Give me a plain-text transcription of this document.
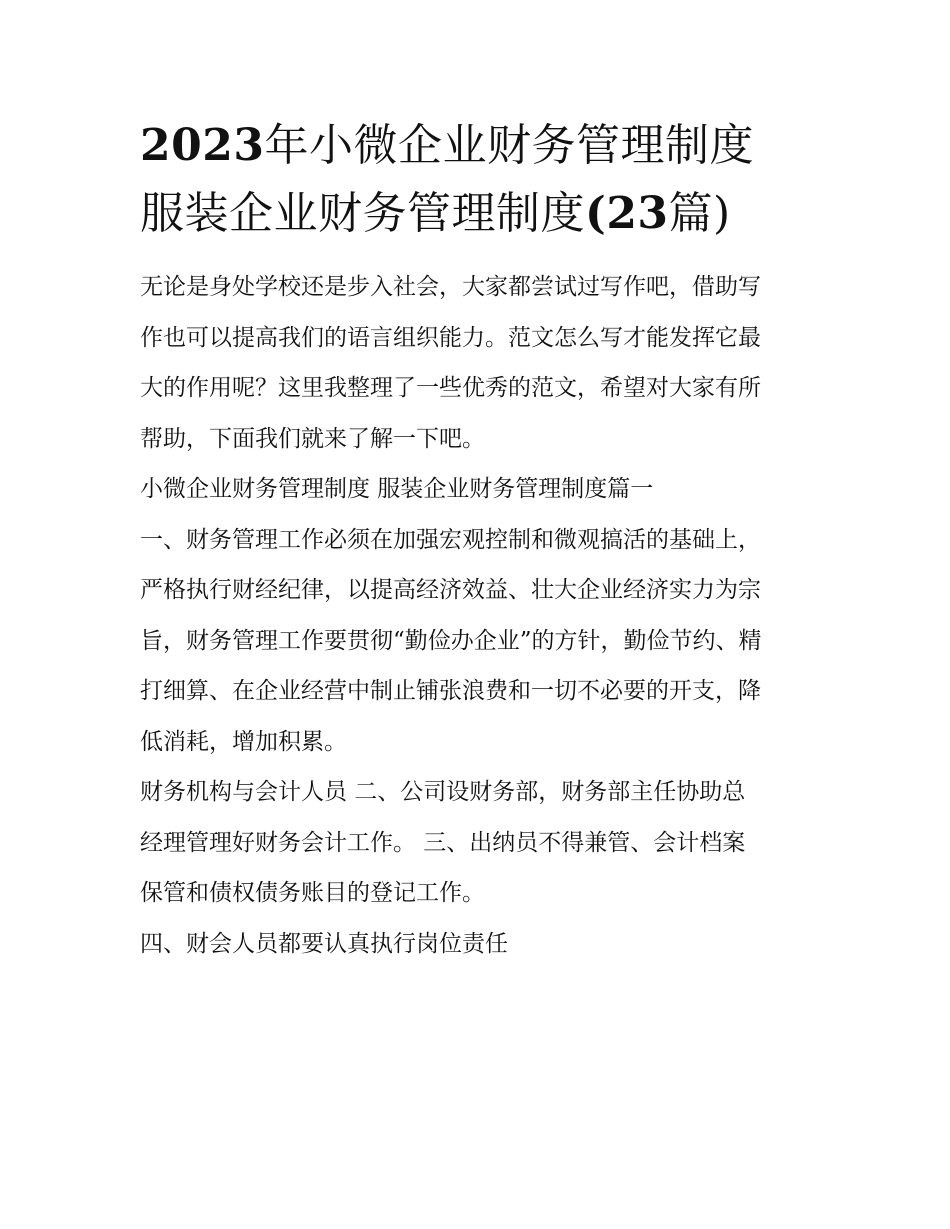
2023年小微企业财务管理制度
服装企业财务管理制度(23篇)
无论是身处学校还是步入社会，大家都尝试过写作吧，借助写
作也可以提高我们的语言组织能力。范文怎么写才能发挥它最
大的作用呢？这里我整理了一些优秀的范文，希望对大家有所
帮助，下面我们就来了解一下吧。
小微企业财务管理制度 服装企业财务管理制度篇一
一、财务管理工作必须在加强宏观控制和微观搞活的基础上，
严格执行财经纪律，以提高经济效益、壮大企业经济实力为宗
旨，财务管理工作要贯彻“勤俭办企业”的方针，勤俭节约、精
打细算、在企业经营中制止铺张浪费和一切不必要的开支，降
低消耗，增加积累。
财务机构与会计人员 二、公司设财务部，财务部主任协助总
经理管理好财务会计工作。 三、出纳员不得兼管、会计档案
保管和债权债务账目的登记工作。
四、财会人员都要认真执行岗位责任
